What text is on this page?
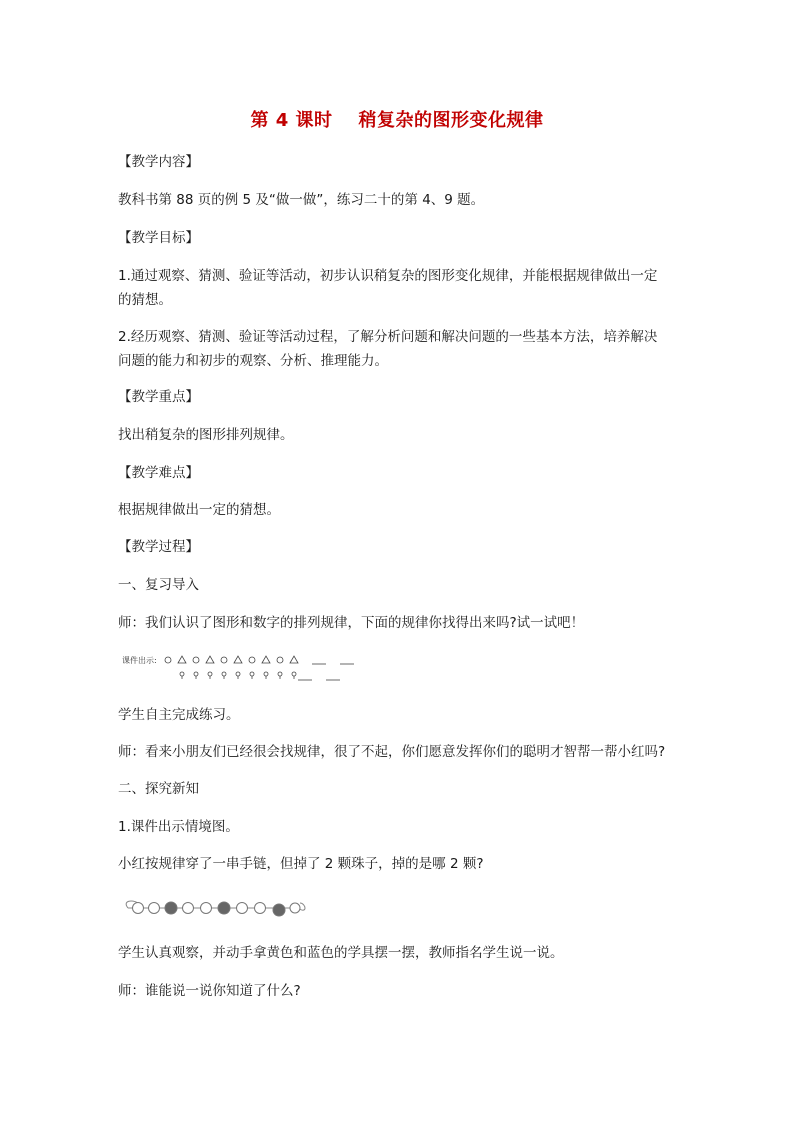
第 4 课时 稍复杂的图形变化规律
【教学内容】
教科书第 88 页的例 5 及“做一做”，练习二十的第 4、9 题。
【教学目标】
1.通过观察、猜测、验证等活动，初步认识稍复杂的图形变化规律，并能根据规律做出一定
的猜想。
2.经历观察、猜测、验证等活动过程，了解分析问题和解决问题的一些基本方法，培养解决
问题的能力和初步的观察、分析、推理能力。
【教学重点】
找出稍复杂的图形排列规律。
【教学难点】
根据规律做出一定的猜想。
【教学过程】
一、复习导入
师：我们认识了图形和数字的排列规律，下面的规律你找得出来吗?试一试吧！
课件出示:
学生自主完成练习。
师：看来小朋友们已经很会找规律，很了不起，你们愿意发挥你们的聪明才智帮一帮小红吗?
二、探究新知
1.课件出示情境图。
小红按规律穿了一串手链，但掉了 2 颗珠子，掉的是哪 2 颗?
学生认真观察，并动手拿黄色和蓝色的学具摆一摆，教师指名学生说一说。
师：谁能说一说你知道了什么?
